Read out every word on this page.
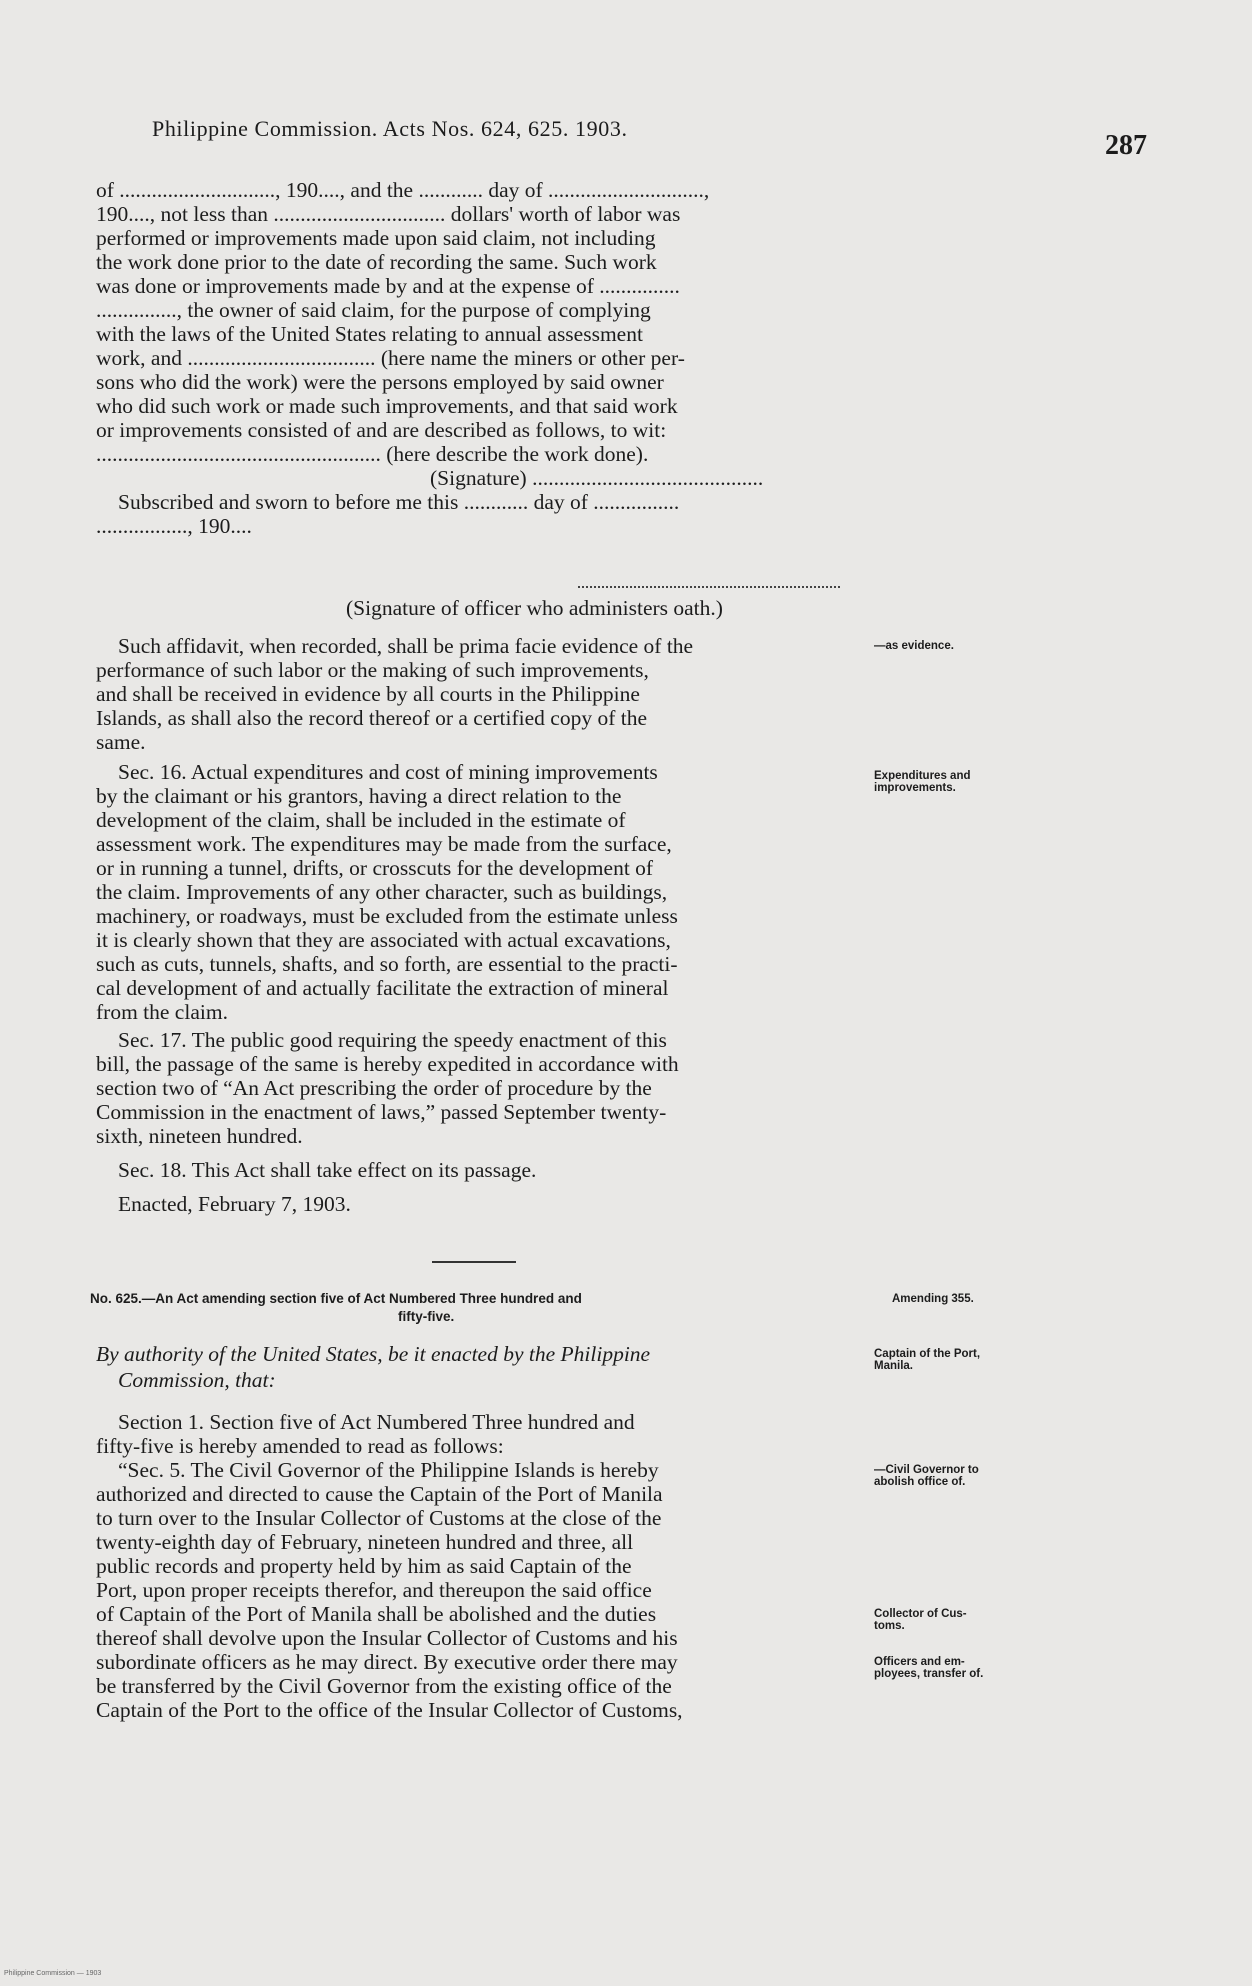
Philippine Commission. Acts Nos. 624, 625. 1903.
287
of ............................., 190...., and the ............ day of .............................,
190...., not less than ................................ dollars' worth of labor was
performed or improvements made upon said claim, not including
the work done prior to the date of recording the same. Such work
was done or improvements made by and at the expense of ...............
..............., the owner of said claim, for the purpose of complying
with the laws of the United States relating to annual assessment
work, and ................................... (here name the miners or other per-
sons who did the work) were the persons employed by said owner
who did such work or made such improvements, and that said work
or improvements consisted of and are described as follows, to wit:
..................................................... (here describe the work done).
(Signature) ...........................................
Subscribed and sworn to before me this ............ day of ................
................., 190....
(Signature of officer who administers oath.)
Such affidavit, when recorded, shall be prima facie evidence of the
performance of such labor or the making of such improvements,
and shall be received in evidence by all courts in the Philippine
Islands, as shall also the record thereof or a certified copy of the
same.
Sec. 16. Actual expenditures and cost of mining improvements
by the claimant or his grantors, having a direct relation to the
development of the claim, shall be included in the estimate of
assessment work. The expenditures may be made from the surface,
or in running a tunnel, drifts, or crosscuts for the development of
the claim. Improvements of any other character, such as buildings,
machinery, or roadways, must be excluded from the estimate unless
it is clearly shown that they are associated with actual excavations,
such as cuts, tunnels, shafts, and so forth, are essential to the practi-
cal development of and actually facilitate the extraction of mineral
from the claim.
Sec. 17. The public good requiring the speedy enactment of this
bill, the passage of the same is hereby expedited in accordance with
section two of “An Act prescribing the order of procedure by the
Commission in the enactment of laws,” passed September twenty-
sixth, nineteen hundred.
Sec. 18. This Act shall take effect on its passage.
Enacted, February 7, 1903.
No. 625.—An Act amending section five of Act Numbered Three hundred and
fifty-five.
By authority of the United States, be it enacted by the Philippine
Commission, that:
Section 1. Section five of Act Numbered Three hundred and
fifty-five is hereby amended to read as follows:
“Sec. 5. The Civil Governor of the Philippine Islands is hereby
authorized and directed to cause the Captain of the Port of Manila
to turn over to the Insular Collector of Customs at the close of the
twenty-eighth day of February, nineteen hundred and three, all
public records and property held by him as said Captain of the
Port, upon proper receipts therefor, and thereupon the said office
of Captain of the Port of Manila shall be abolished and the duties
thereof shall devolve upon the Insular Collector of Customs and his
subordinate officers as he may direct. By executive order there may
be transferred by the Civil Governor from the existing office of the
Captain of the Port to the office of the Insular Collector of Customs,
—as evidence.
Expenditures and
improvements.
Amending 355.
Captain of the Port,
Manila.
—Civil Governor to
abolish office of.
Collector of Cus-
toms.
Officers and em-
ployees, transfer of.
Philippine Commission — 1903
